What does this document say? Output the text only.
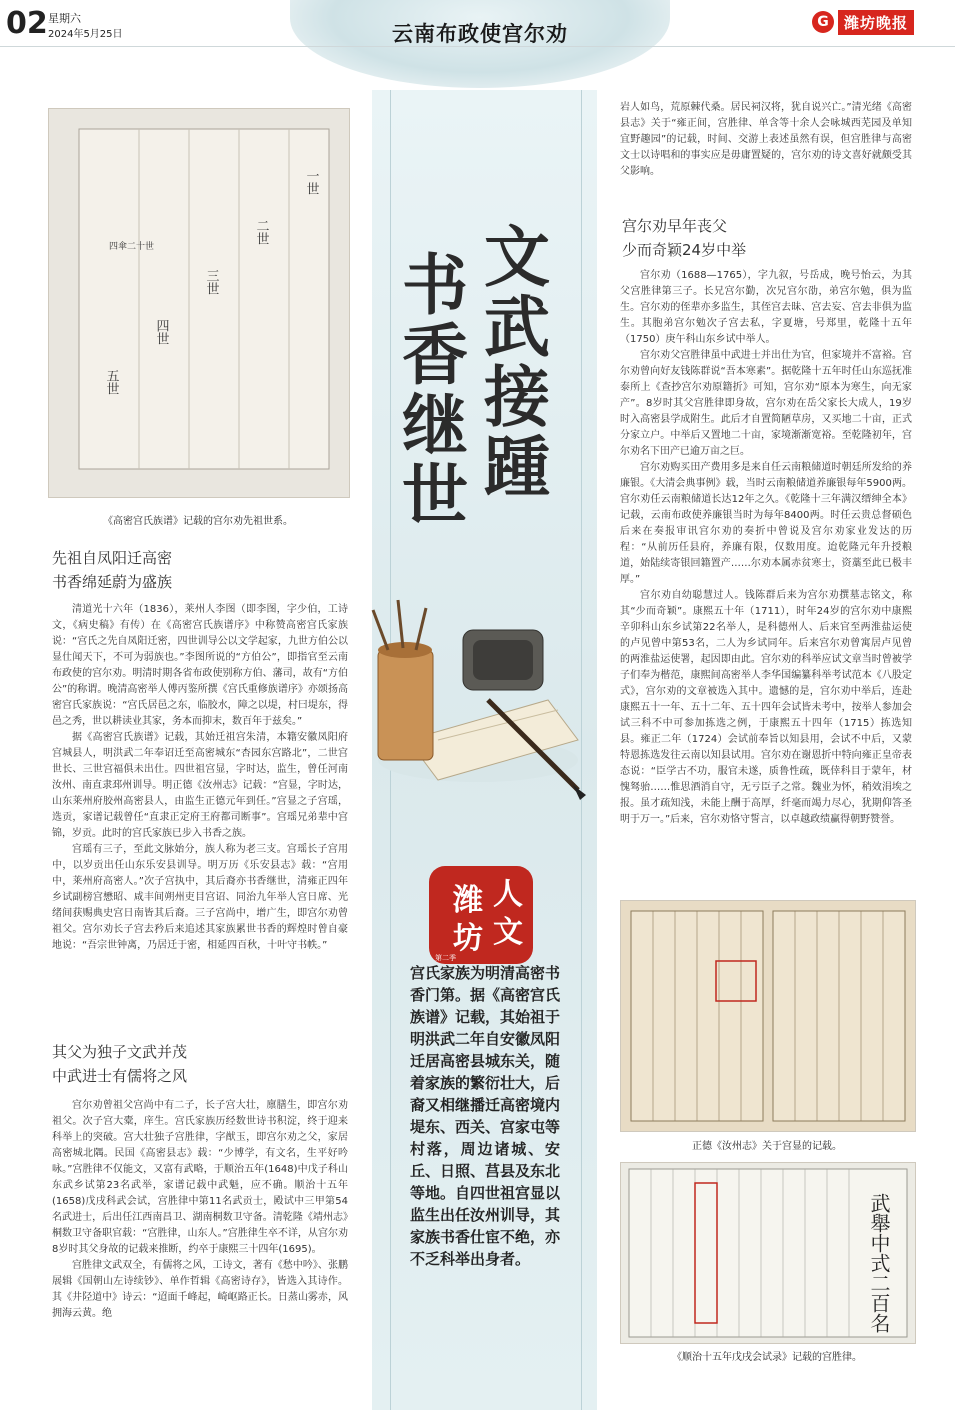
02 星期六
2024年5月25日	云南布政使宫尔劝	G	潍坊晚报
文
武
接
踵
书
香
继
世
潍
坊
人
文
第二季
宫氏家族为明清高密书香门第。据《高密宫氏族谱》记载，其始祖于明洪武二年自安徽凤阳迁居高密县城东关，随着家族的繁衍壮大，后裔又相继播迁高密境内堤东、西关、宫家屯等村落，周边诸城、安丘、日照、莒县及东北等地。自四世祖宫显以监生出任汝州训导，其家族书香仕宦不绝，亦不乏科举出身者。
一世
二世
三世
四世
五世
四傘二十世
《高密宫氏族谱》记载的宫尔劝先祖世系。
先祖自凤阳迁高密
书香绵延蔚为盛族

清道光十六年（1836），莱州人李图（即李图，字少伯，工诗文，《病史稿》有传）在《高密宫氏族谱序》中称赞高密宫氏家族说：“宫氏之先自凤阳迁密，四世训导公以文学起家，九世方伯公以显仕闻天下，不可为弱族也。”李图所说的“方伯公”，即指官至云南布政使的宫尔劝。明清时期各省布政使别称方伯、藩司，故有“方伯公”的称谓。晚清高密举人傅丙鉴所撰《宫氏重修族谱序》亦颂扬高密宫氏家族说：“宫氏居邑之东，临胶水，障之以堤，村曰堤东，得邑之秀，世以耕读业其家，务本而抑末，数百年于兹矣。”

据《高密宫氏族谱》记载，其始迁祖宫朱清，本籍安徽凤阳府宫城县人，明洪武二年奉诏迁至高密城东“杏园东宫路北”，二世宫世长、三世宫福俱未出仕。四世祖宫显，字时达，监生，曾任河南汝州、南直隶邳州训导。明正德《汝州志》记载：“宫显，字时达，山东莱州府胶州高密县人，由监生正德元年到任。”宫显之子宫瑶，选贡，家谱记载曾任“直隶正定府王府都司断事”。宫瑶兄弟辈中宫锦，岁贡。此时的宫氏家族已步入书香之族。

宫瑶有三子，至此文脉始分，族人称为老三支。宫瑶长子宫用中，以岁贡出任山东乐安县训导。明万历《乐安县志》载：“宫用中，莱州府高密人。”次子宫执中，其后裔亦书香继世，清雍正四年乡试副榜宫懋昭、咸丰间朔州吏目宫诏、同治九年举人宫日席、光绪间获赐典史宫日南皆其后裔。三子宫尚中，增广生，即宫尔劝曾祖父。宫尔劝长子宫去矜后来追述其家族累世书香的辉煌时曾自豪地说：“吾宗世钟离，乃居迁于密，相延四百秋，十叶守书帙。”

其父为独子文武并茂
中武进士有儒将之风

宫尔劝曾祖父宫尚中有二子，长子宫大壮，廪膳生，即宫尔劝祖父。次子宫大橐，庠生。宫氏家族历经数世诗书积淀，终于迎来科举上的突破。宫大壮独子宫胜律，字猷玉，即宫尔劝之父，家居高密城北隅。民国《高密县志》载：“少博学，有文名，生平好吟咏。”宫胜律不仅能文，又富有武略，于顺治五年(1648)中戊子科山东武乡试第23名武举，家谱记载中武魁，应不确。顺治十五年(1658)戊戌科武会试，宫胜律中第11名武贡士，殿试中三甲第54名武进士，后出任江西南昌卫、湖南桐数卫守备。清乾隆《靖州志》桐数卫守备职官载：“宫胜律，山东人。”宫胜律生卒不详，从宫尔劝8岁时其父身故的记载来推断，约卒于康熙三十四年(1695)。

宫胜律文武双全，有儒将之风，工诗文，著有《愁中吟》、张鹏展辑《国朝山左诗续钞》、单作哲辑《高密诗存》，皆选入其诗作。其《井陉道中》诗云：“迢面千峰起，崎岖路正长。日蒸山雾赤，风拥海云黄。绝

岩人如鸟，荒原棘代桑。居民祠汉将，犹自说兴亡。”清光绪《高密县志》关于“雍正间，宫胜律、单含等十余人会咏城西芜园及单知宜野趣园”的记载，时间、交游上表述虽然有误，但宫胜律与高密文士以诗唱和的事实应是毋庸置疑的，宫尔劝的诗文喜好就颇受其父影响。

宫尔劝早年丧父
少而奇颖24岁中举

宫尔劝（1688—1765），字九叙，号岳成，晚号怡云，为其父宫胜律第三子。长兄宫尔勤，次兄宫尔劭，弟宫尔勉，俱为监生。宫尔劝的侄辈亦多监生，其侄宫去昧、宫去妄、宫去非俱为监生。其胞弟宫尔勉次子宫去私，字夏塘，号郑里，乾隆十五年（1750）庚午科山东乡试中举人。

宫尔劝父宫胜律虽中武进士并出仕为官，但家境并不富裕。宫尔劝曾向好友钱陈群说“吾本寒素”。据乾隆十五年时任山东巡抚准泰所上《查抄宫尔劝原籍折》可知，宫尔劝“原本为寒生，向无家产”。8岁时其父宫胜律即身故，宫尔劝在岳父家长大成人，19岁时入高密县学成附生。此后才自置简陋草房，又买地二十亩，正式分家立户。中举后又置地二十亩，家境渐渐宽裕。至乾隆初年，宫尔劝名下田产已逾万亩之巨。

宫尔劝购买田产费用多是来自任云南粮储道时朝廷所发给的养廉银。《大清会典事例》载，当时云南粮储道养廉银每年5900两。宫尔劝任云南粮储道长达12年之久。《乾隆十三年满汉缙绅全本》记载，云南布政使养廉银当时为每年8400两。时任云贵总督硕色后来在奏报审讯宫尔劝的奏折中曾说及宫尔劝家业发达的历程：“从前历任县府，养廉有限，仅数用度。迨乾隆元年升授粮道，始陆续寄银回籍置产……尔劝本属赤贫寒士，资藁至此已极丰厚。”

宫尔劝自幼聪慧过人。钱陈群后来为宫尔劝撰墓志铭文，称其“少而奇颖”。康熙五十年（1711），时年24岁的宫尔劝中康熙辛卯科山东乡试第22名举人，是科德州人、后来官至两淮盐运使的卢见曾中第53名，二人为乡试同年。后来宫尔劝曾寓居卢见曾的两淮盐运使署，起因即由此。宫尔劝的科举应试文章当时曾被学子们奉为楷范，康熙间高密举人李华国编纂科举考试范本《八股定式》，宫尔劝的文章被选入其中。遗憾的是，宫尔劝中举后，连赴康熙五十一年、五十二年、五十四年会试皆未考中，按举人参加会试三科不中可参加拣选之例，于康熙五十四年（1715）拣选知县。雍正二年（1724）会试前奉旨以知县用，会试不中后，又蒙特恩拣选发往云南以知县试用。宫尔劝在谢恩折中特向雍正皇帝表态说：“臣学古不功，服官未遂，质鲁性疏，既倖科目于蒙年，材愧驽骀……惟思酒消自守，无亏臣子之常。魏业为怀，稍效涓埃之报。虽才疏知浅，未能上酬于高厚，纤毫而竭力尽心，犹期仰答圣明于万一。”后来，宫尔劝恪守誓言，以卓越政绩赢得朝野赞誉。

正德《汝州志》关于宫显的记载。
武舉中式二百名
《顺治十五年戊戌会试录》记载的宫胜律。
